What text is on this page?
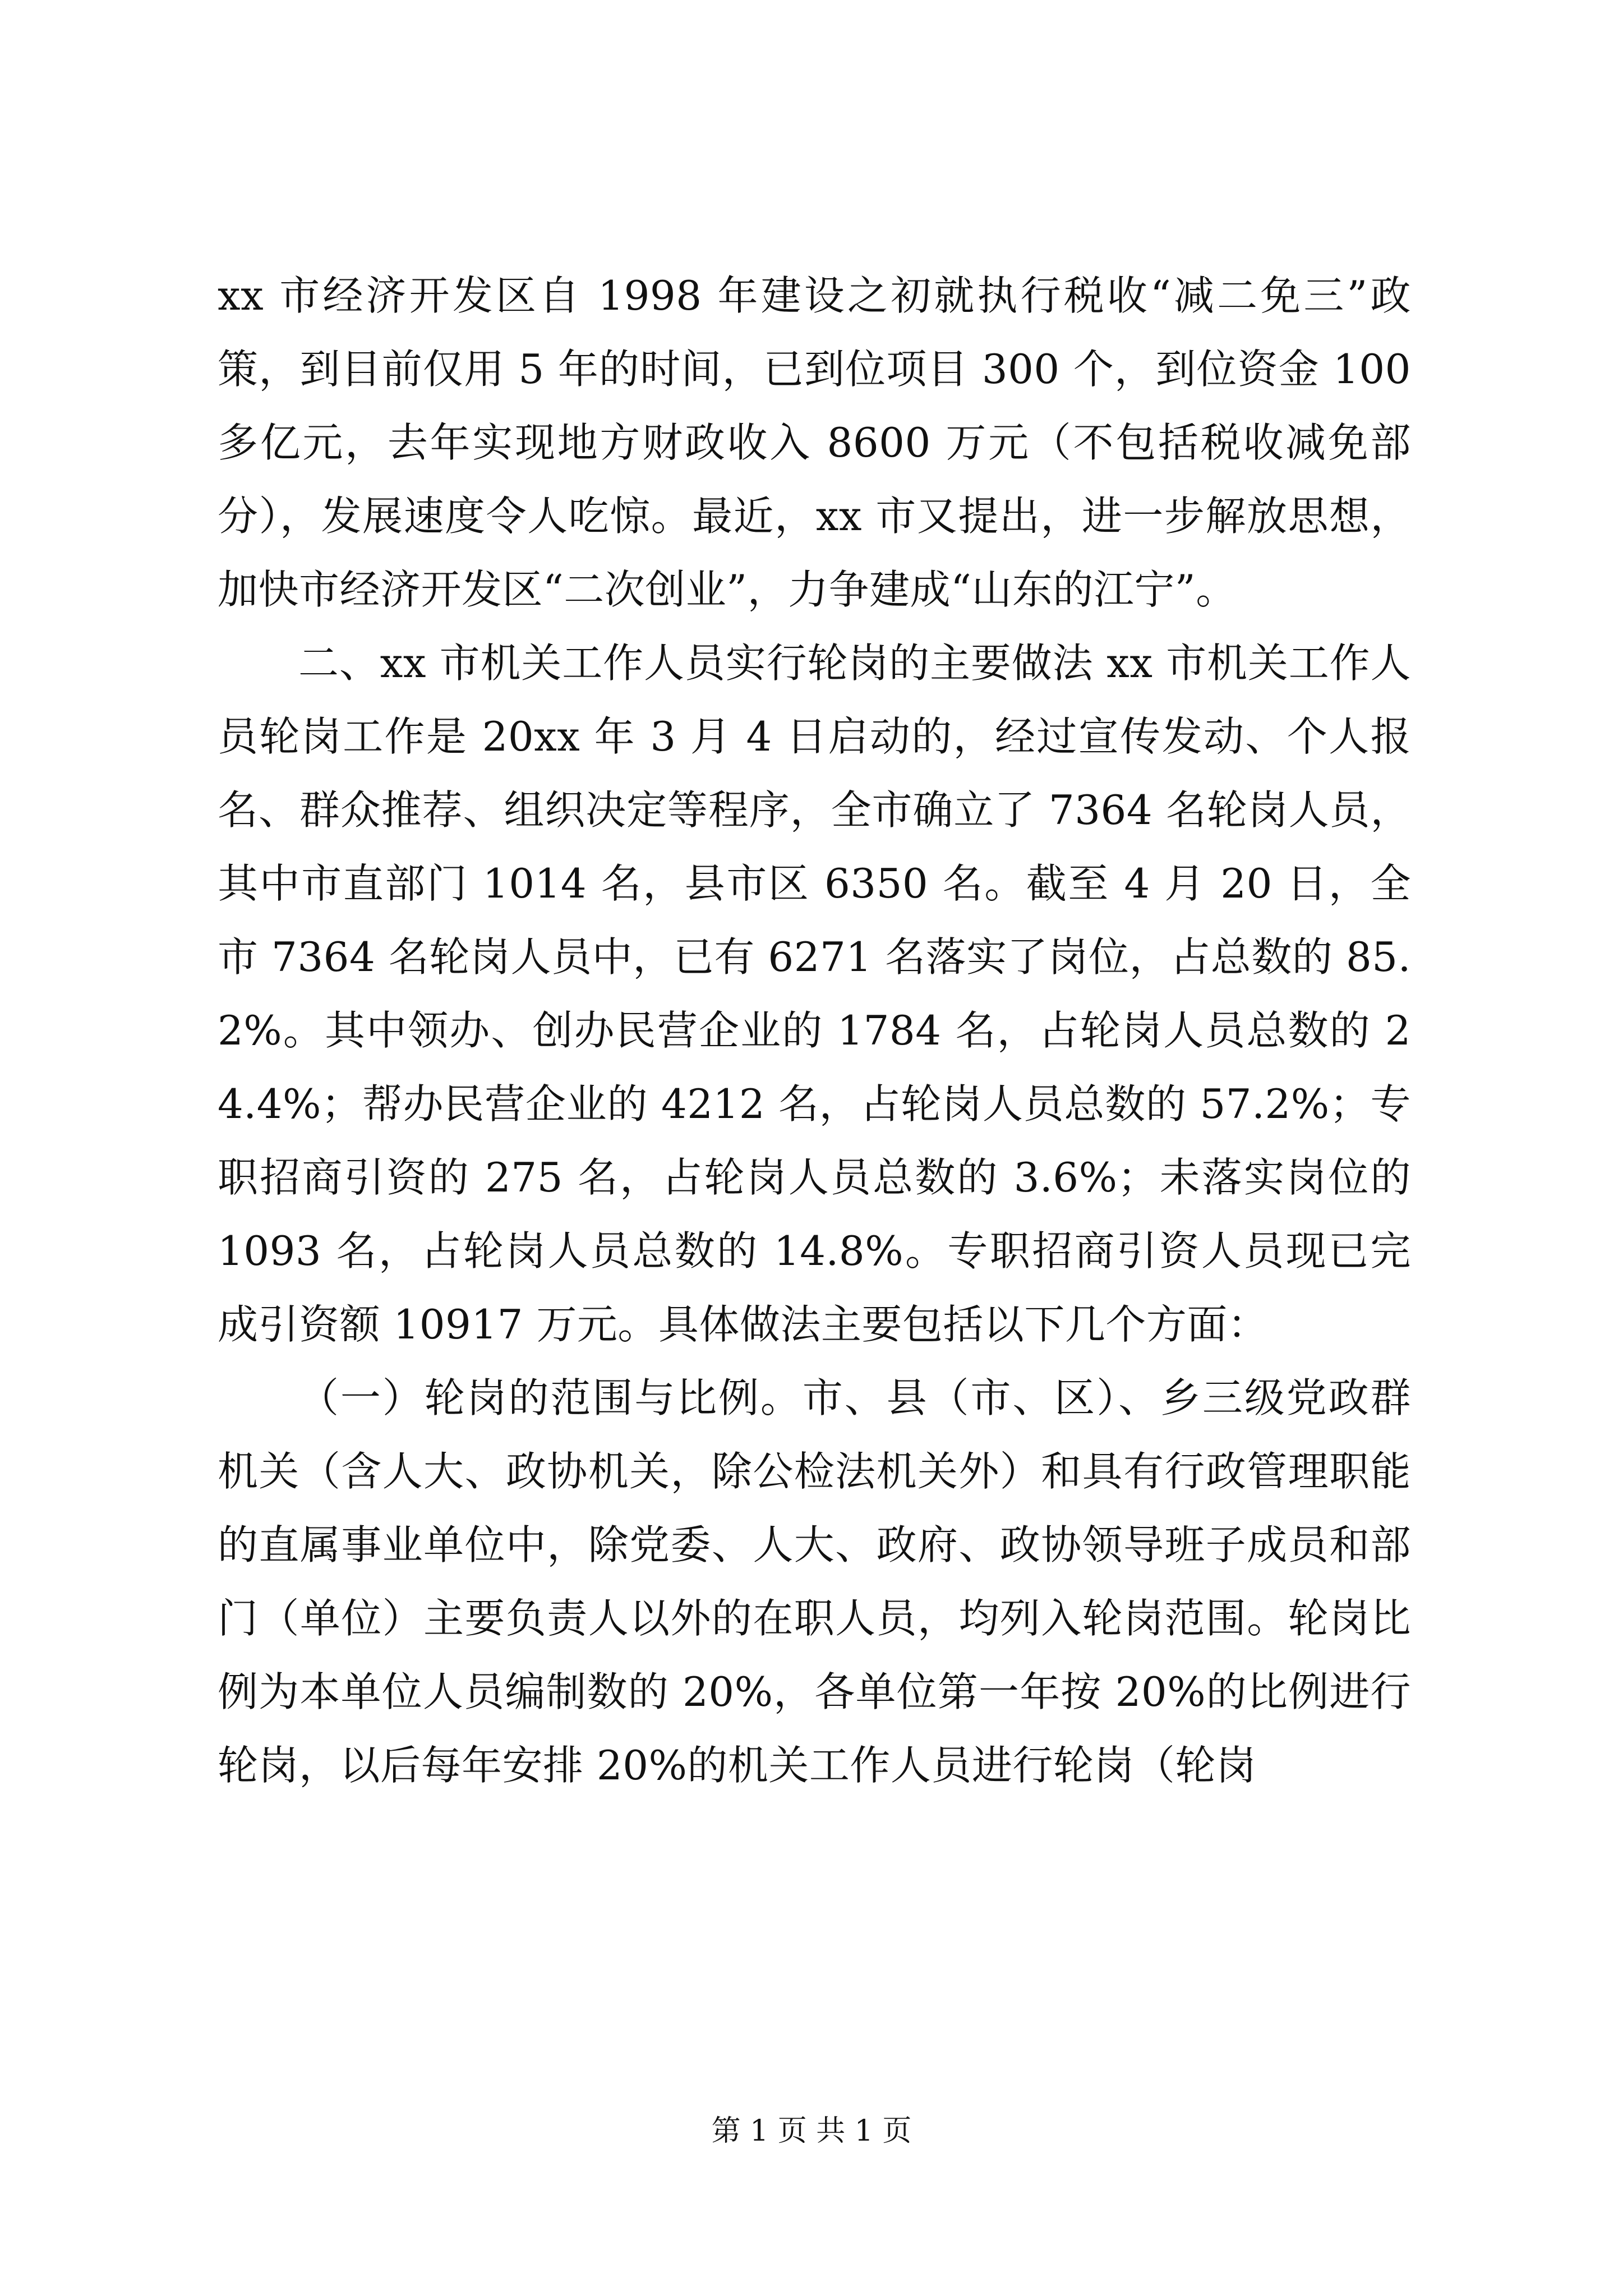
xx 市经济开发区自 1998 年建设之初就执行税收“减二免三”政策，到目前仅用 5 年的时间，已到位项目 300 个，到位资金 100 多亿元，去年实现地方财政收入 8600 万元（不包括税收减免部分），发展速度令人吃惊。最近，xx 市又提出，进一步解放思想，加快市经济开发区“二次创业”，力争建成“山东的江宁”。

二、xx 市机关工作人员实行轮岗的主要做法 xx 市机关工作人员轮岗工作是 20xx 年 3 月 4 日启动的，经过宣传发动、个人报名、群众推荐、组织决定等程序，全市确立了 7364 名轮岗人员，其中市直部门 1014 名，县市区 6350 名。截至 4 月 20 日，全市 7364 名轮岗人员中，已有 6271 名落实了岗位，占总数的 85.2%。其中领办、创办民营企业的 1784 名，占轮岗人员总数的 24.4%；帮办民营企业的 4212 名，占轮岗人员总数的 57.2%；专职招商引资的 275 名，占轮岗人员总数的 3.6%；未落实岗位的 1093 名，占轮岗人员总数的 14.8%。专职招商引资人员现已完成引资额 10917 万元。具体做法主要包括以下几个方面：

（一）轮岗的范围与比例。市、县（市、区）、乡三级党政群机关（含人大、政协机关，除公检法机关外）和具有行政管理职能的直属事业单位中，除党委、人大、政府、政协领导班子成员和部门（单位）主要负责人以外的在职人员，均列入轮岗范围。轮岗比例为本单位人员编制数的 20%，各单位第一年按 20%的比例进行轮岗，以后每年安排 20%的机关工作人员进行轮岗（轮岗

第 1 页 共 1 页
